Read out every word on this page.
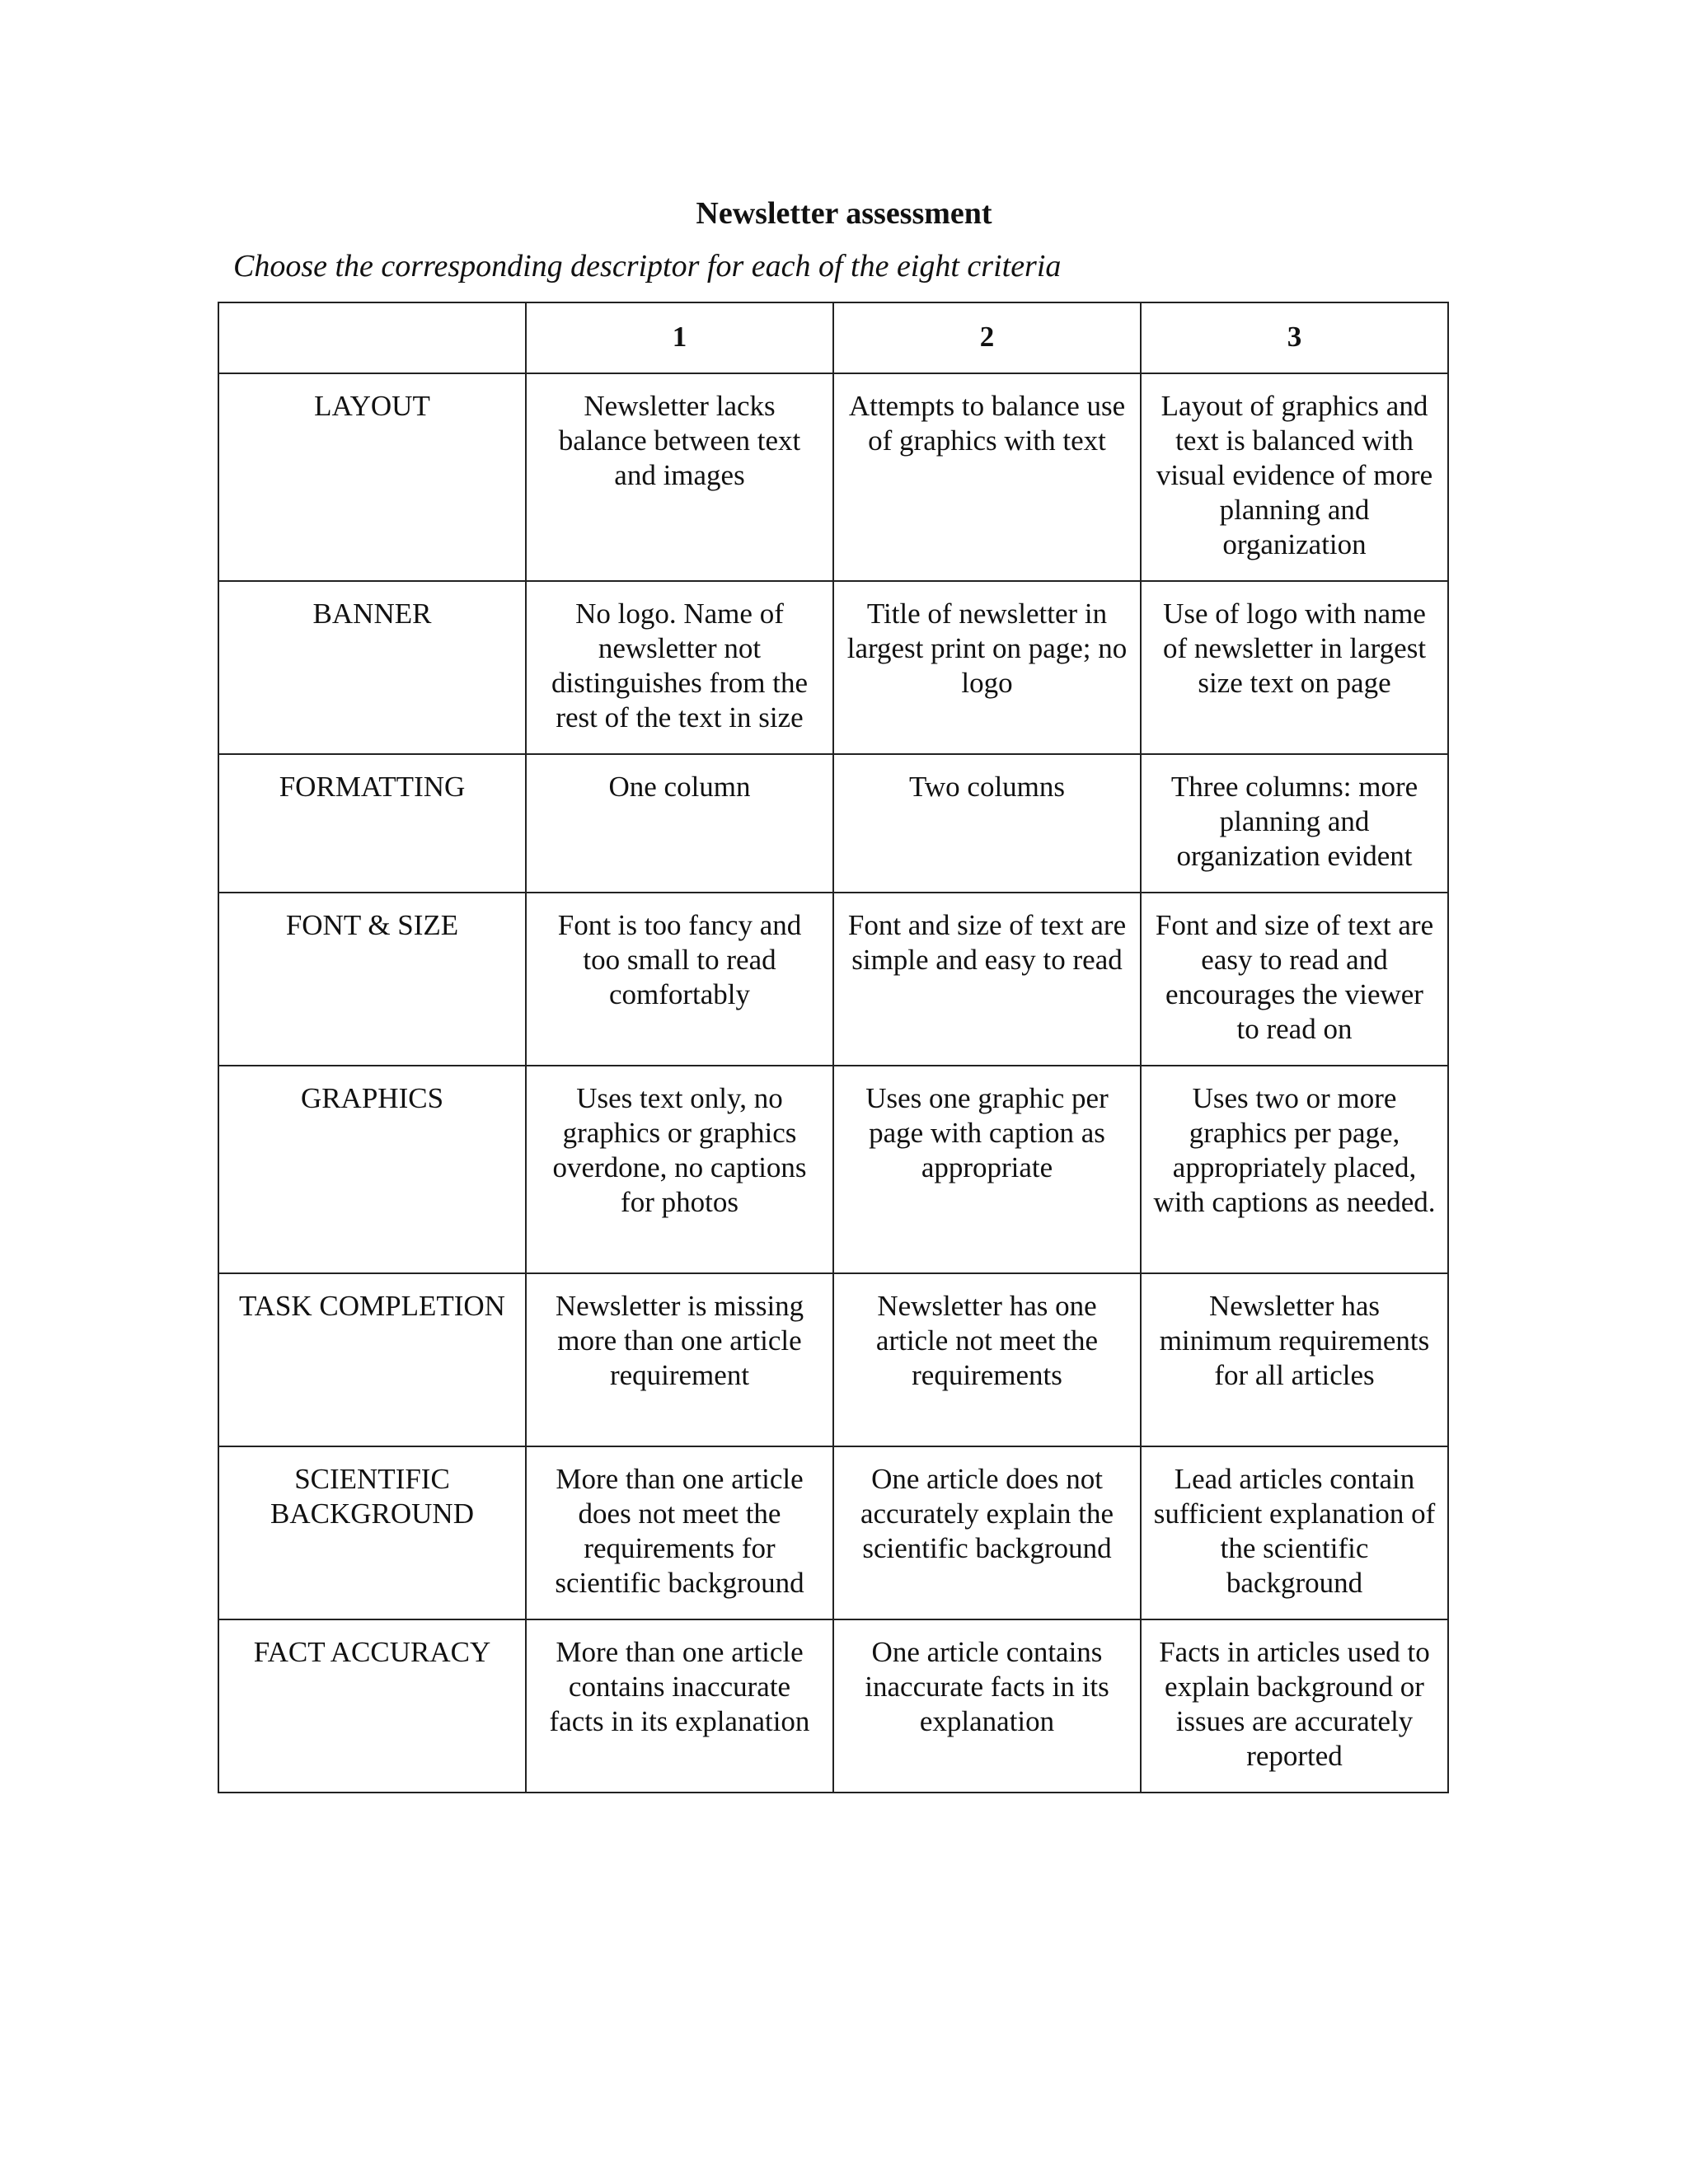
Newsletter assessment
Choose the corresponding descriptor for each of the eight criteria
	1	2	3
LAYOUT	Newsletter lacks balance between text and images	Attempts to balance use of graphics with text	Layout of graphics and text is balanced with visual evidence of more planning and organization
BANNER	No logo. Name of newsletter not distinguishes from the rest of the text in size	Title of newsletter in largest print on page; no logo	Use of logo with name of newsletter in largest size text on page
FORMATTING	One column	Two columns	Three columns: more planning and organization evident
FONT & SIZE	Font is too fancy and too small to read comfortably	Font and size of text are simple and easy to read	Font and size of text are easy to read and encourages the viewer to read on
GRAPHICS	Uses text only, no graphics or graphics overdone, no captions for photos	Uses one graphic per page with caption as appropriate	Uses two or more graphics per page, appropriately placed, with captions as needed.
TASK COMPLETION	Newsletter is missing more than one article requirement	Newsletter has one article not meet the requirements	Newsletter has minimum requirements for all articles
SCIENTIFIC BACKGROUND	More than one article does not meet the requirements for scientific background	One article does not accurately explain the scientific background	Lead articles contain sufficient explanation of the scientific background
FACT ACCURACY	More than one article contains inaccurate facts in its explanation	One article contains inaccurate facts in its explanation	Facts in articles used to explain background or issues are accurately reported
